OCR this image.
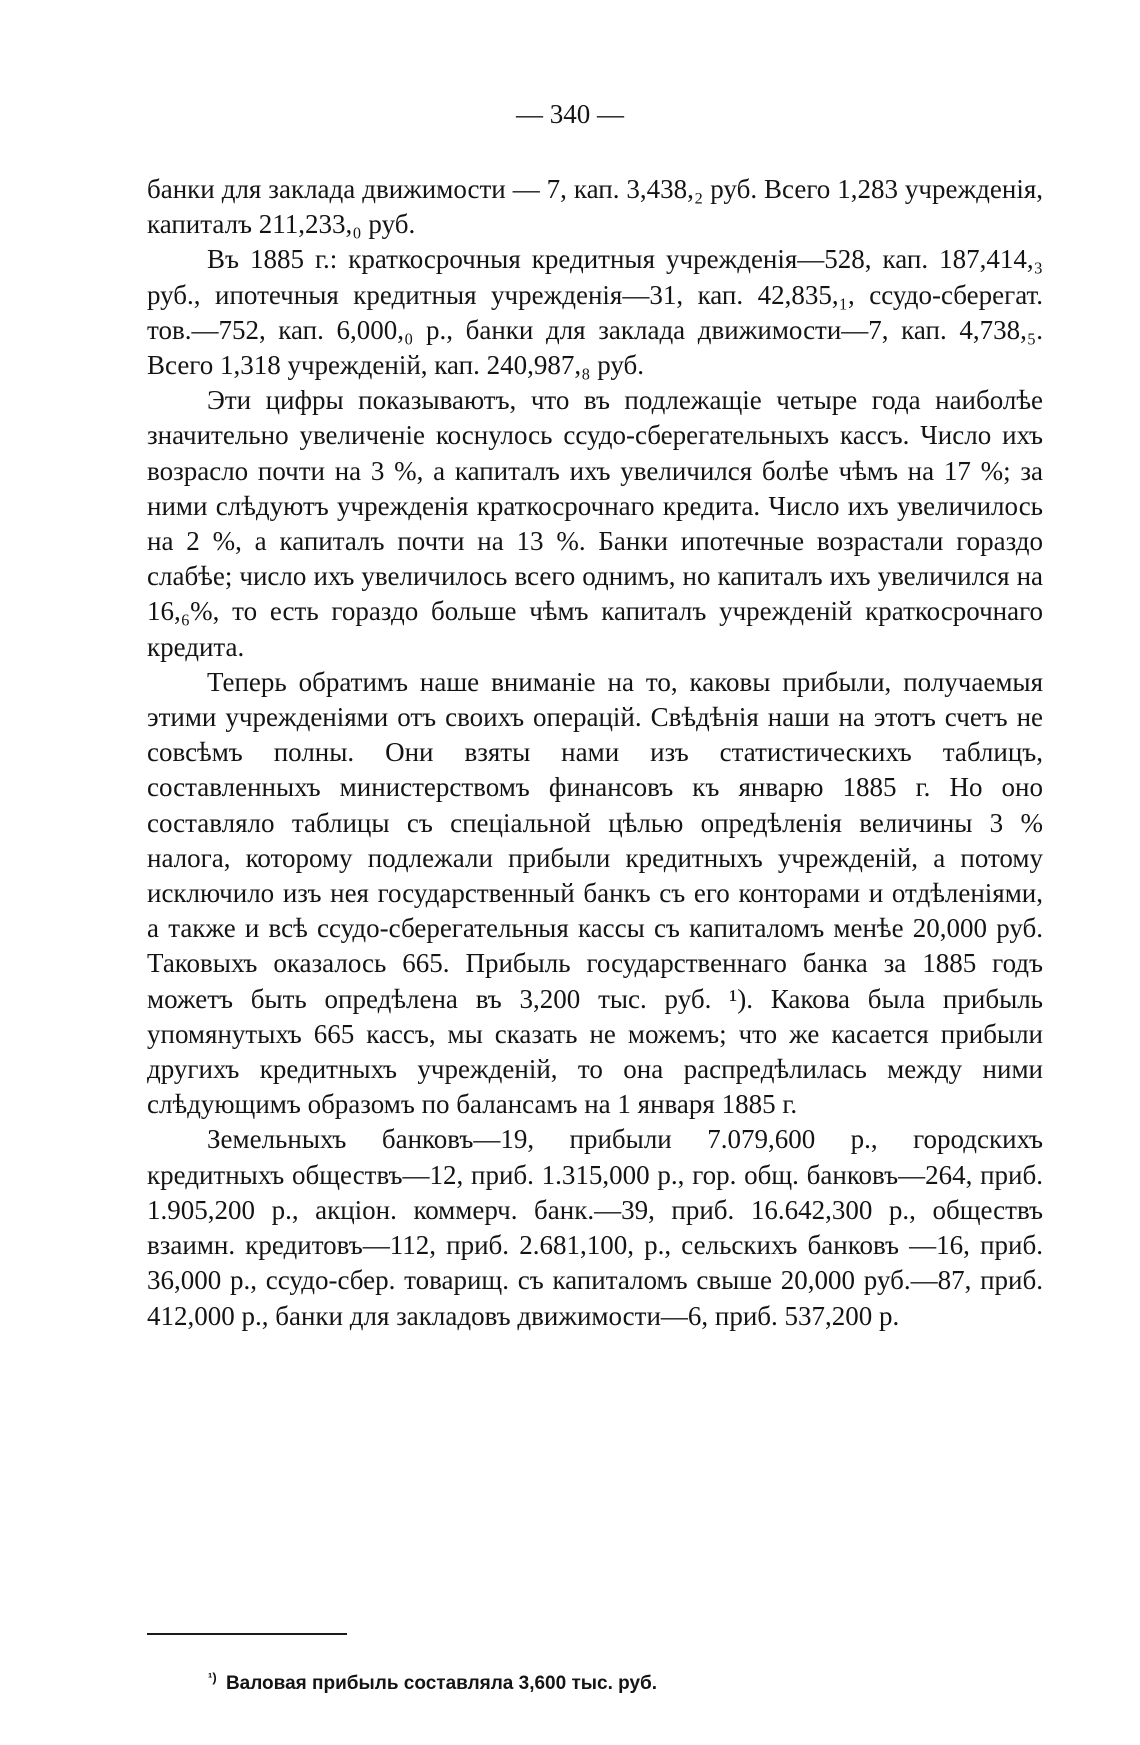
— 340 —

банки для заклада движимости — 7, кап. 3,438,₂ руб. Всего 1,283 учрежденія, капиталъ 211,233,₀ руб.

Въ 1885 г.: краткосрочныя кредитныя учрежденія—528, кап. 187,414,₃ руб., ипотечныя кредитныя учрежденія—31, кап. 42,835,₁, ссудо-сберегат. тов.—752, кап. 6,000,₀ р., банки для заклада движимости—7, кап. 4,738,₅. Всего 1,318 учрежденій, кап. 240,987,₈ руб.

Эти цифры показываютъ, что въ подлежащіе четыре года наиболѣе значительно увеличеніе коснулось ссудо-сберегательныхъ кассъ. Число ихъ возрасло почти на 3 %, а капиталъ ихъ увеличился болѣе чѣмъ на 17 %; за ними слѣдуютъ учрежденія краткосрочнаго кредита. Число ихъ увеличилось на 2 %, а капиталъ почти на 13 %. Банки ипотечные возрастали гораздо слабѣе; число ихъ увеличилось всего однимъ, но капиталъ ихъ увеличился на 16,₆%, то есть гораздо больше чѣмъ капиталъ учрежденій краткосрочнаго кредита.

Теперь обратимъ наше вниманіе на то, каковы прибыли, получаемыя этими учрежденіями отъ своихъ операцій. Свѣдѣнія наши на этотъ счетъ не совсѣмъ полны. Они взяты нами изъ статистическихъ таблицъ, составленныхъ министерствомъ финансовъ къ январю 1885 г. Но оно составляло таблицы съ спеціальной цѣлью опредѣленія величины 3 % налога, которому подлежали прибыли кредитныхъ учрежденій, а потому исключило изъ нея государственный банкъ съ его конторами и отдѣленіями, а также и всѣ ссудо-сберегательныя кассы съ капиталомъ менѣе 20,000 руб. Таковыхъ оказалось 665. Прибыль государственнаго банка за 1885 годъ можетъ быть опредѣлена въ 3,200 тыс. руб. ¹). Какова была прибыль упомянутыхъ 665 кассъ, мы сказать не можемъ; что же касается прибыли другихъ кредитныхъ учрежденій, то она распредѣлилась между ними слѣдующимъ образомъ по балансамъ на 1 января 1885 г.

Земельныхъ банковъ—19, прибыли 7.079,600 р., городскихъ кредитныхъ обществъ—12, приб. 1.315,000 р., гор. общ. банковъ—264, приб. 1.905,200 р., акціон. коммерч. банк.—39, приб. 16.642,300 р., обществъ взаимн. кредитовъ—112, приб. 2.681,100, р., сельскихъ банковъ —16, приб. 36,000 р., ссудо-сбер. товарищ. съ капиталомъ свыше 20,000 руб.—87, приб. 412,000 р., банки для закладовъ движимости—6, приб. 537,200 р.

$^{^1)}$ Валовая прибыль составляла 3,600 тыс. руб.
